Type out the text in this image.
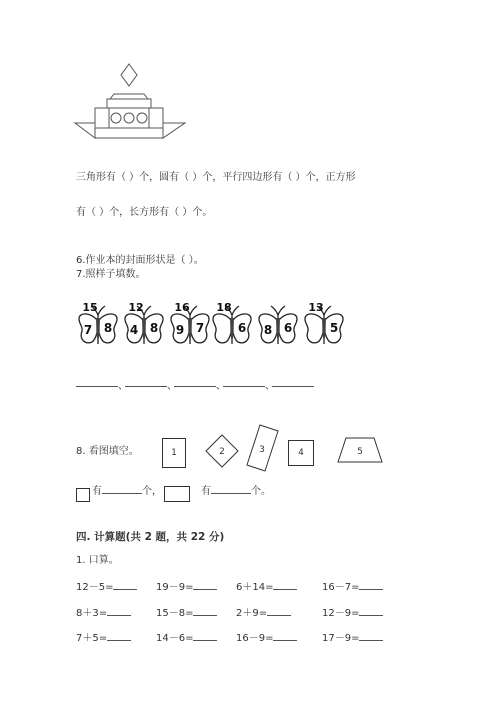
三角形有（ ）个，圆有（ ）个，平行四边形有（ ）个，正方形
有（ ）个，长方形有（ ）个。
6.作业本的封面形状是（ ）。
7.照样子填数。
15
7 8
12
4 8
16
9 7
18
6 8 6
13
5
、	、	、	、
8. 看图填空。	1	2	3	4	5
有	个，	有	个。
四. 计算题(共 2 题，共 22 分)
1. 口算。
12－5=	19－9=	6＋14=	16－7=
8＋3=	15－8=	2＋9=	12－9=
7＋5=	14－6=	16－9=	17－9=
